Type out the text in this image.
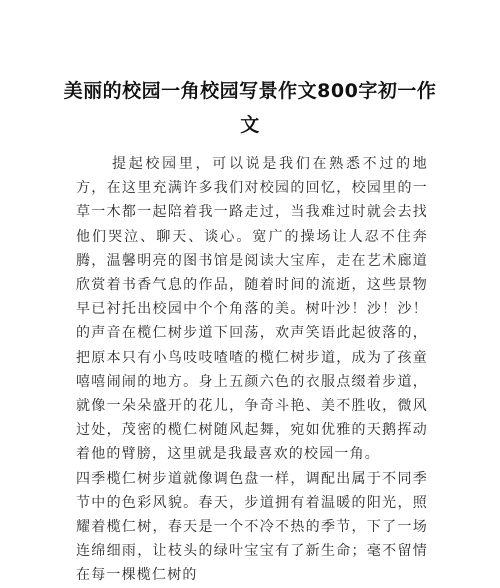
美丽的校园一角校园写景作文800字初一作文

提起校园里，可以说是我们在熟悉不过的地方，在这里充满许多我们对校园的回忆，校园里的一草一木都一起陪着我一路走过，当我难过时就会去找他们哭泣、聊天、谈心。宽广的操场让人忍不住奔腾，温馨明亮的图书馆是阅读大宝库，走在艺术廊道欣赏着书香气息的作品，随着时间的流逝，这些景物早已衬托出校园中个个角落的美。树叶沙！沙！沙！的声音在榄仁树步道下回荡，欢声笑语此起彼落的，把原本只有小鸟吱吱喳喳的榄仁树步道，成为了孩童嘻嘻闹闹的地方。身上五颜六色的衣服点缀着步道，就像一朵朵盛开的花儿，争奇斗艳、美不胜收，微风过处，茂密的榄仁树随风起舞，宛如优雅的天鹅挥动着他的臂膀，这里就是我最喜欢的校园一角。

四季榄仁树步道就像调色盘一样，调配出属于不同季节中的色彩风貌。春天，步道拥有着温暖的阳光，照耀着榄仁树，春天是一个不冷不热的季节，下了一场连绵细雨，让枝头的绿叶宝宝有了新生命；毫不留情在每一棵榄仁树的
